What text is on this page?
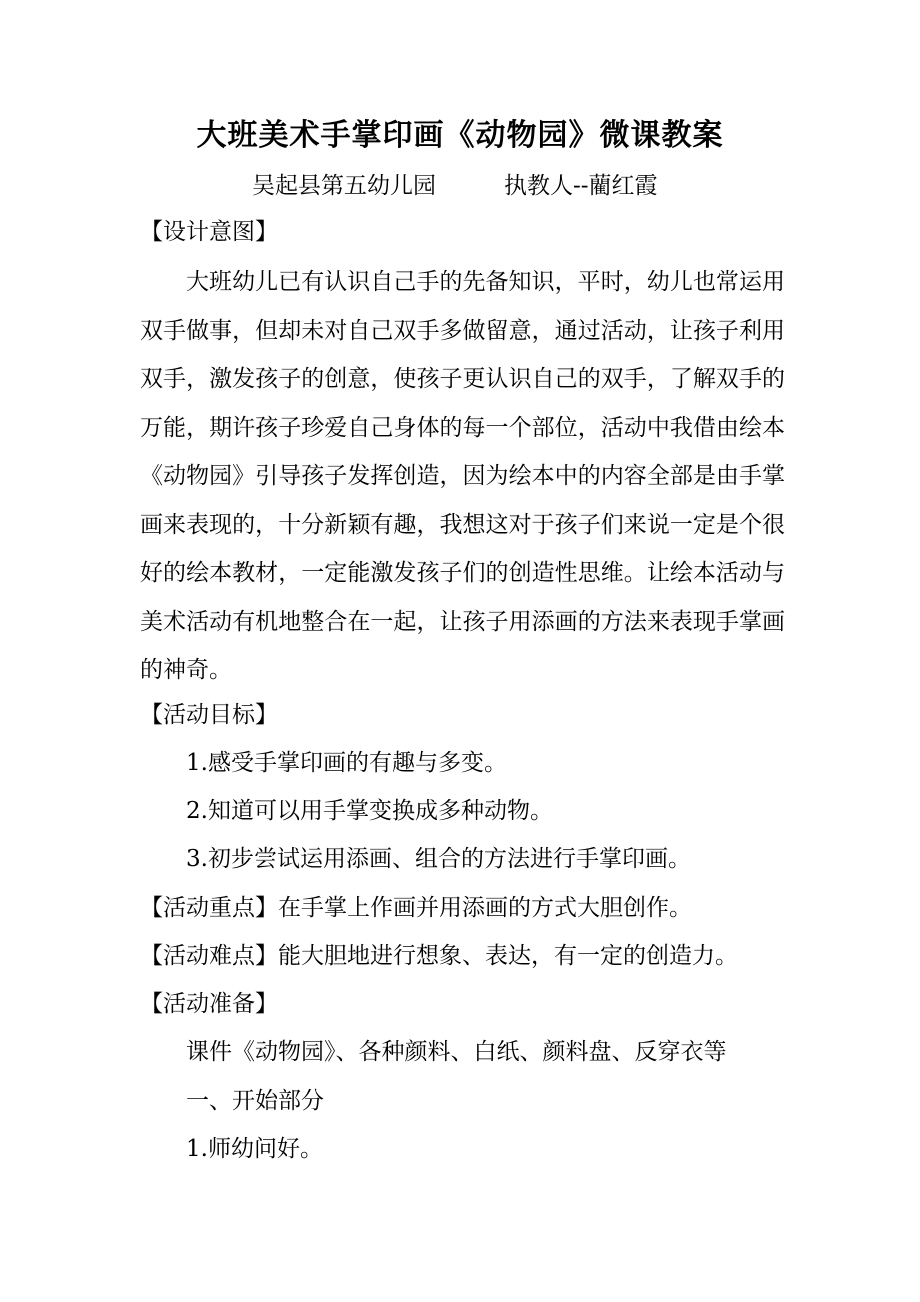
大班美术手掌印画《动物园》微课教案
吴起县第五幼儿园	执教人--藺红霞
【设计意图】
大班幼儿已有认识自己手的先备知识，平时，幼儿也常运用双手做事，但却未对自己双手多做留意，通过活动，让孩子利用双手，激发孩子的创意，使孩子更认识自己的双手，了解双手的万能，期许孩子珍爱自己身体的每一个部位，活动中我借由绘本《动物园》引导孩子发挥创造，因为绘本中的内容全部是由手掌画来表现的，十分新颖有趣，我想这对于孩子们来说一定是个很好的绘本教材，一定能激发孩子们的创造性思维。让绘本活动与美术活动有机地整合在一起，让孩子用添画的方法来表现手掌画的神奇。
【活动目标】
1.感受手掌印画的有趣与多变。
2.知道可以用手掌变换成多种动物。
3.初步尝试运用添画、组合的方法进行手掌印画。
【活动重点】在手掌上作画并用添画的方式大胆创作。
【活动难点】能大胆地进行想象、表达，有一定的创造力。
【活动准备】
课件《动物园》、各种颜料、白纸、颜料盘、反穿衣等
一、开始部分
1.师幼问好。
